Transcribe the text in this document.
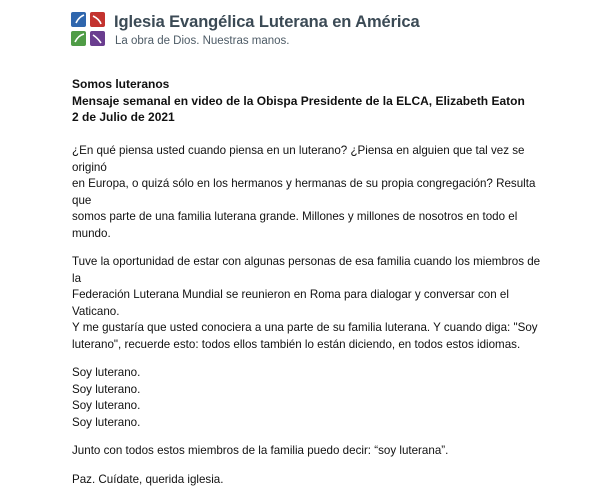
Iglesia Evangélica Luterana en América
La obra de Dios. Nuestras manos.
Somos luteranos
Mensaje semanal en video de la Obispa Presidente de la ELCA, Elizabeth Eaton
2 de Julio de 2021

¿En qué piensa usted cuando piensa en un luterano? ¿Piensa en alguien que tal vez se originó
en Europa, o quizá sólo en los hermanos y hermanas de su propia congregación? Resulta que
somos parte de una familia luterana grande. Millones y millones de nosotros en todo el mundo.

Tuve la oportunidad de estar con algunas personas de esa familia cuando los miembros de la
Federación Luterana Mundial se reunieron en Roma para dialogar y conversar con el Vaticano.
Y me gustaría que usted conociera a una parte de su familia luterana. Y cuando diga: "Soy
luterano", recuerde esto: todos ellos también lo están diciendo, en todos estos idiomas.

Soy luterano.
Soy luterano.
Soy luterano.
Soy luterano.

Junto con todos estos miembros de la familia puedo decir: “soy luterana”.

Paz. Cuídate, querida iglesia.
